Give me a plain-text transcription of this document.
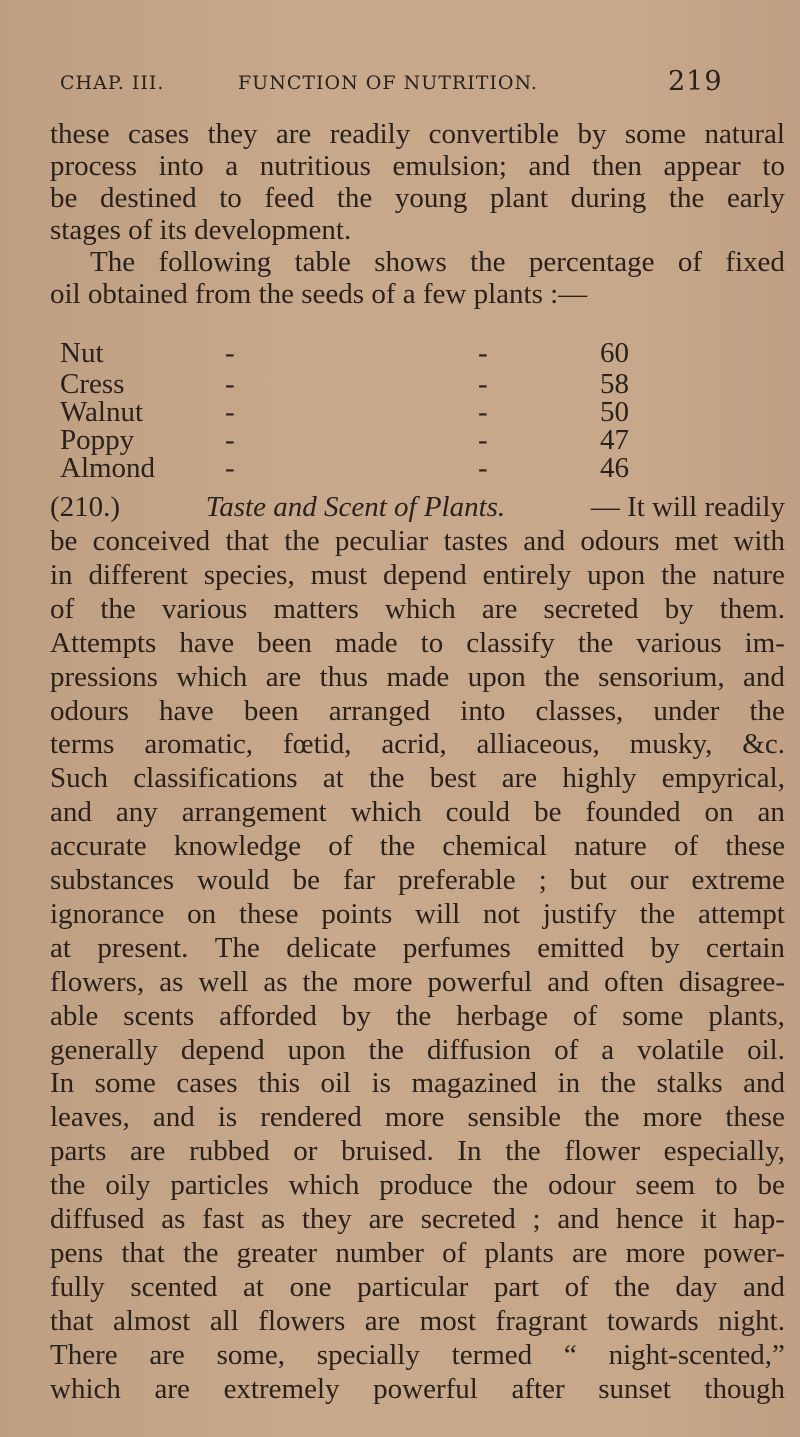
CHAP. III.	FUNCTION OF NUTRITION.	219
these cases they are readily convertible by some natural
process into a nutritious emulsion; and then appear to
be destined to feed the young plant during the early
stages of its development.
The following table shows the percentage of fixed
oil obtained from the seeds of a few plants :—
Nut	-	-	60
Cress	-	-	58
Walnut	-	-	50
Poppy	-	-	47
Almond -	-	46
(210.)	Taste and Scent of Plants.	— It will readily
be conceived that the peculiar tastes and odours met with
in different species, must depend entirely upon the nature
of the various matters which are secreted by them.
Attempts have been made to classify the various im-
pressions which are thus made upon the sensorium, and
odours have been arranged into classes, under the
terms aromatic, fœtid, acrid, alliaceous, musky, &c.
Such classifications at the best are highly empyrical,
and any arrangement which could be founded on an
accurate knowledge of the chemical nature of these
substances would be far preferable ; but our extreme
ignorance on these points will not justify the attempt
at present. The delicate perfumes emitted by certain
flowers, as well as the more powerful and often disagree-
able scents afforded by the herbage of some plants,
generally depend upon the diffusion of a volatile oil.
In some cases this oil is magazined in the stalks and
leaves, and is rendered more sensible the more these
parts are rubbed or bruised. In the flower especially,
the oily particles which produce the odour seem to be
diffused as fast as they are secreted ; and hence it hap-
pens that the greater number of plants are more power-
fully scented at one particular part of the day and
that almost all flowers are most fragrant towards night.
There are some, specially termed “ night-scented,”
which are extremely powerful after sunset though
